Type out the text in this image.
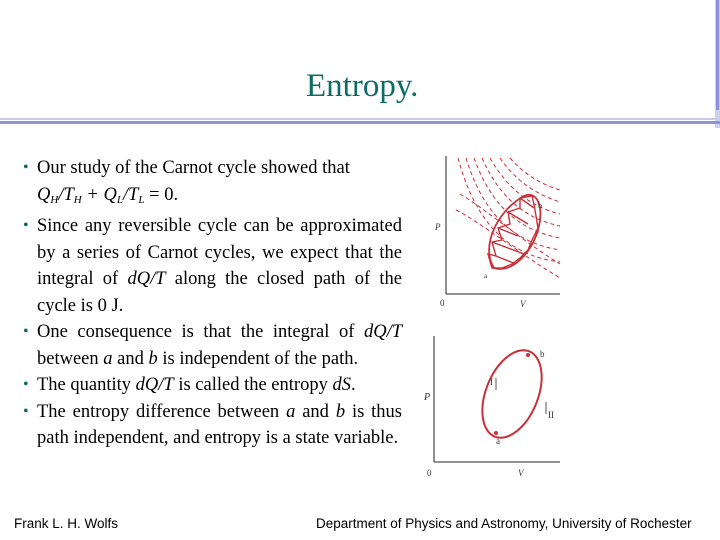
Entropy.
• Our study of the Carnot cycle showed that
$Q_H/T_H + Q_L/T_L = 0$.
• Since any reversible cycle can be approximated by a series of Carnot cycles, we expect that the integral of dQ/T along the closed path of the cycle is 0 J.
• One consequence is that the integral of dQ/T between a and b is independent of the path.
• The quantity dQ/T is called the entropy dS.
• The entropy difference between a and b is thus path independent, and entropy is a state variable.
P
V
0
b
a
P
V
0
b
a
I
II
Frank L. H. Wolfs	Department of Physics and Astronomy, University of Rochester
